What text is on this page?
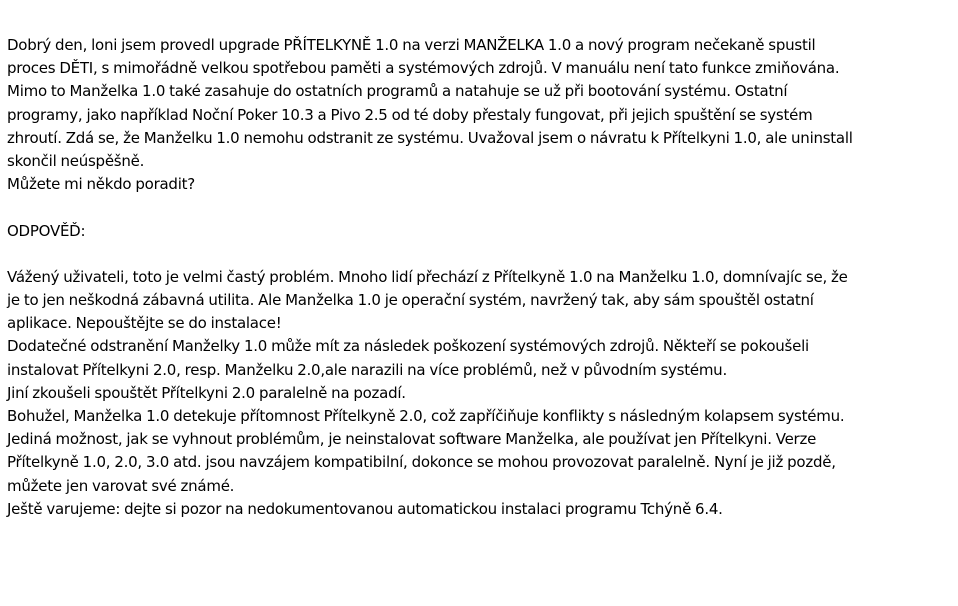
Dobrý den, loni jsem provedl upgrade PŘÍTELKYNĚ 1.0 na verzi MANŽELKA 1.0 a nový program nečekaně spustil
proces DĚTI, s mimořádně velkou spotřebou paměti a systémových zdrojů. V manuálu není tato funkce zmiňována.
Mimo to Manželka 1.0 také zasahuje do ostatních programů a natahuje se už při bootování systému. Ostatní
programy, jako například Noční Poker 10.3 a Pivo 2.5 od té doby přestaly fungovat, při jejich spuštění se systém
zhroutí. Zdá se, že Manželku 1.0 nemohu odstranit ze systému. Uvažoval jsem o návratu k Přítelkyni 1.0, ale uninstall
skončil neúspěšně.
Můžete mi někdo poradit?
ODPOVĚĎ:
Vážený uživateli, toto je velmi častý problém. Mnoho lidí přechází z Přítelkyně 1.0 na Manželku 1.0, domnívajíc se, že
je to jen neškodná zábavná utilita. Ale Manželka 1.0 je operační systém, navržený tak, aby sám spouštěl ostatní
aplikace. Nepouštějte se do instalace!
Dodatečné odstranění Manželky 1.0 může mít za následek poškození systémových zdrojů. Někteří se pokoušeli
instalovat Přítelkyni 2.0, resp. Manželku 2.0,ale narazili na více problémů, než v původním systému.
Jiní zkoušeli spouštět Přítelkyni 2.0 paralelně na pozadí.
Bohužel, Manželka 1.0 detekuje přítomnost Přítelkyně 2.0, což zapříčiňuje konflikty s následným kolapsem systému.
Jediná možnost, jak se vyhnout problémům, je neinstalovat software Manželka, ale používat jen Přítelkyni. Verze
Přítelkyně 1.0, 2.0, 3.0 atd. jsou navzájem kompatibilní, dokonce se mohou provozovat paralelně. Nyní je již pozdě,
můžete jen varovat své známé.
Ještě varujeme: dejte si pozor na nedokumentovanou automatickou instalaci programu Tchýně 6.4.
